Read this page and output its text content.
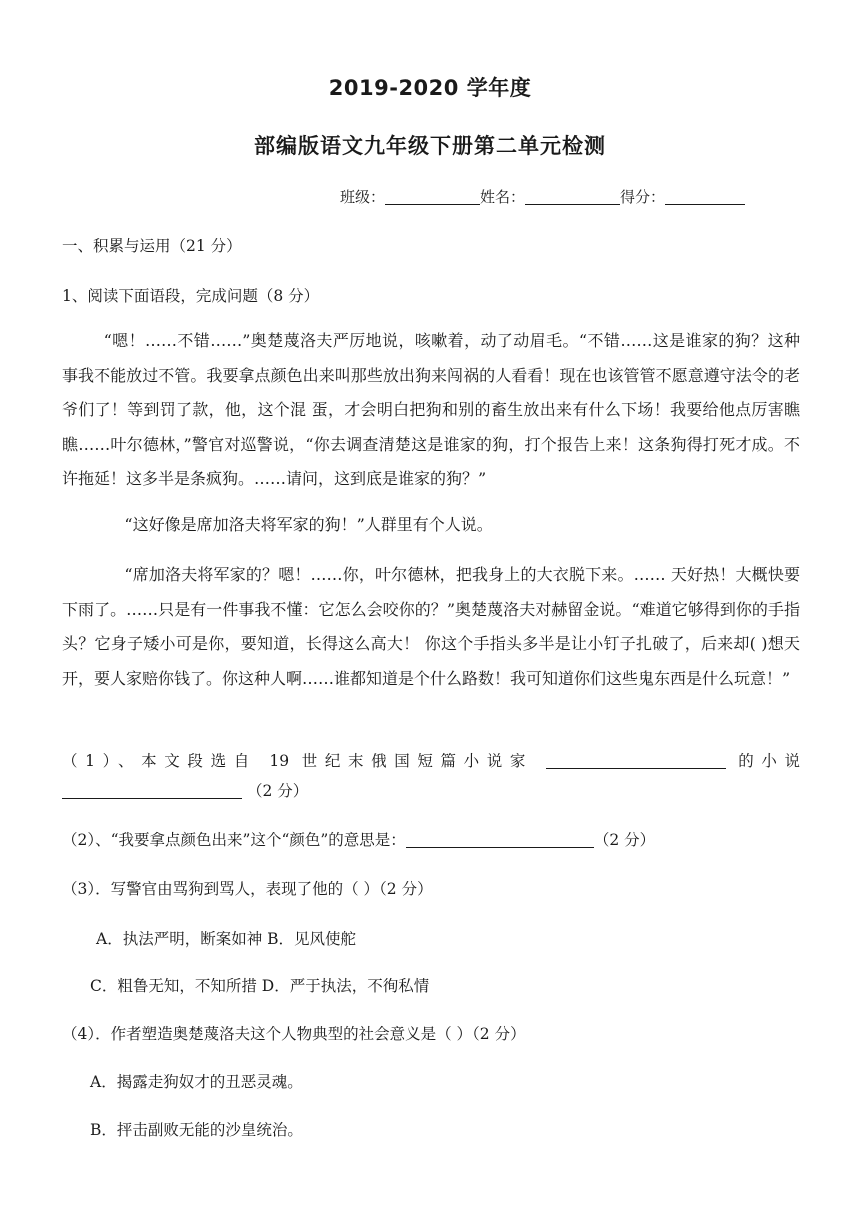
2019-2020 学年度
部编版语文九年级下册第二单元检测
班级：	姓名：	得分：
一、积累与运用（21 分）
1、阅读下面语段，完成问题（8 分）
“嗯！……不错……”奥楚蔑洛夫严厉地说，咳嗽着，动了动眉毛。“不错……这是谁家的狗？这种事我不能放过不管。我要拿点颜色出来叫那些放出狗来闯祸的人看看！现在也该管管不愿意遵守法令的老爷们了！等到罚了款，他，这个混 蛋，才会明白把狗和别的畜生放出来有什么下场！我要给他点厉害瞧瞧……叶尔德林，”警官对巡警说，“你去调查清楚这是谁家的狗，打个报告上来！这条狗得打死才成。不许拖延！这多半是条疯狗。……请问，这到底是谁家的狗？”
“这好像是席加洛夫将军家的狗！”人群里有个人说。
“席加洛夫将军家的？嗯！……你，叶尔德林，把我身上的大衣脱下来。…… 天好热！大概快要下雨了。……只是有一件事我不懂：它怎么会咬你的？”奥楚蔑洛夫对赫留金说。“难道它够得到你的手指头？它身子矮小可是你，要知道，长得这么高大！ 你这个手指头多半是让小钉子扎破了，后来却( )想天开，要人家赔你钱了。你这种人啊……谁都知道是个什么路数！我可知道你们这些鬼东西是什么玩意！”
（1）、本文段选自 19 世纪末俄国短篇小说家	的小说
（2 分）
（2）、“我要拿点颜色出来”这个“颜色”的意思是：	（2 分）
（3）．写警官由骂狗到骂人，表现了他的（ ）（2 分）
A．执法严明，断案如神 B．见风使舵
C．粗鲁无知，不知所措 D．严于执法，不徇私情
（4）．作者塑造奥楚蔑洛夫这个人物典型的社会意义是（ ）（2 分）
A．揭露走狗奴才的丑恶灵魂。
B．抨击副败无能的沙皇统治。
